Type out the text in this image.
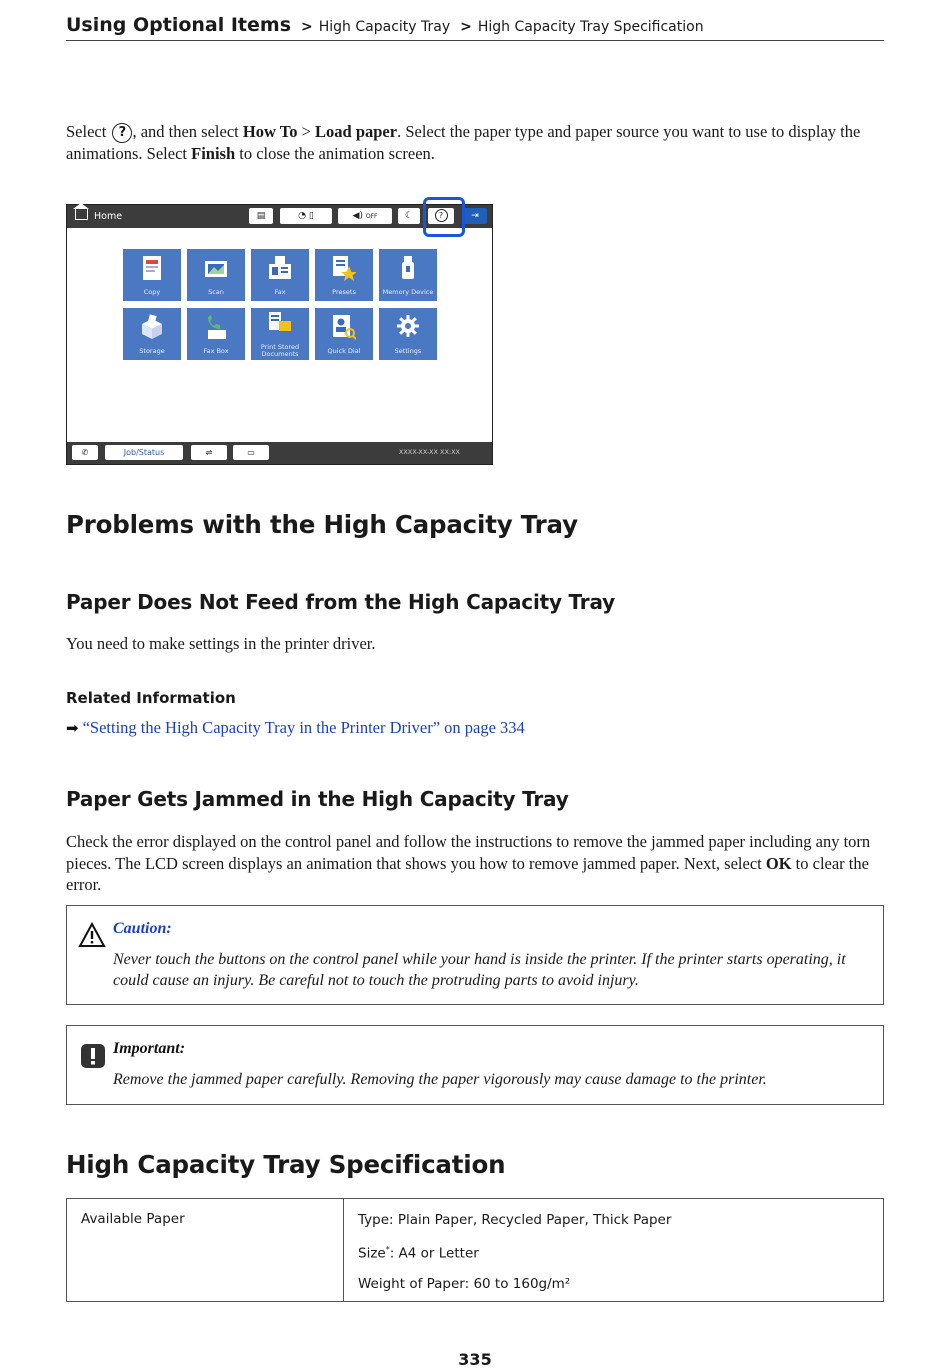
Using Optional Items > High Capacity Tray > High Capacity Tray Specification
Select ? , and then select How To > Load paper. Select the paper type and paper source you want to use to display the animations. Select Finish to close the animation screen.
Home	▤	◔ ▯	◀) OFF	☾	?	⇥
Copy	Scan	Fax	Presets	Memory Device
Storage	Fax Box	Print Stored Documents	Quick Dial	Settings
✆	Job/Status	⇌	▭	XXXX-XX-XX XX:XX
Problems with the High Capacity Tray
Paper Does Not Feed from the High Capacity Tray
You need to make settings in the printer driver.
Related Information
➡ “Setting the High Capacity Tray in the Printer Driver” on page 334
Paper Gets Jammed in the High Capacity Tray
Check the error displayed on the control panel and follow the instructions to remove the jammed paper including any torn pieces. The LCD screen displays an animation that shows you how to remove jammed paper. Next, select OK to clear the error.
Caution:
Never touch the buttons on the control panel while your hand is inside the printer. If the printer starts operating, it could cause an injury. Be careful not to touch the protruding parts to avoid injury.
Important:
Remove the jammed paper carefully. Removing the paper vigorously may cause damage to the printer.
High Capacity Tray Specification
Available Paper	Type: Plain Paper, Recycled Paper, Thick Paper
Size*: A4 or Letter
Weight of Paper: 60 to 160g/m²
335
